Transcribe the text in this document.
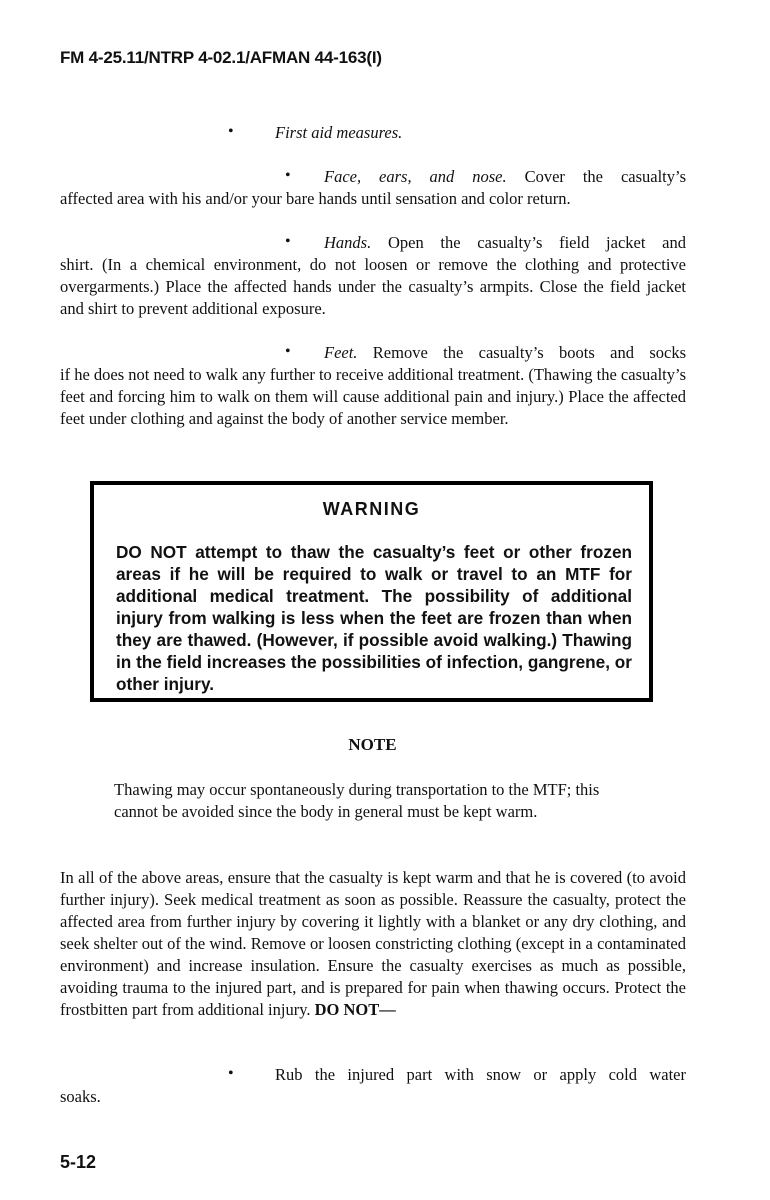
FM 4-25.11/NTRP 4-02.1/AFMAN 44-163(I)
•	First aid measures.
• Face, ears, and nose. Cover the casualty’s
affected area with his and/or your bare hands until sensation and color return.
• Hands. Open the casualty’s field jacket and
shirt. (In a chemical environment, do not loosen or remove the clothing and protective overgarments.) Place the affected hands under the casualty’s armpits. Close the field jacket and shirt to prevent additional exposure.
• Feet. Remove the casualty’s boots and socks
if he does not need to walk any further to receive additional treatment. (Thawing the casualty’s feet and forcing him to walk on them will cause additional pain and injury.) Place the affected feet under clothing and against the body of another service member.
WARNING
DO NOT attempt to thaw the casualty’s feet or other frozen areas if he will be required to walk or travel to an MTF for additional medical treatment. The possibility of additional injury from walking is less when the feet are frozen than when they are thawed. (However, if possible avoid walking.) Thawing in the field increases the possibilities of infection, gangrene, or other injury.
NOTE
Thawing may occur spontaneously during transportation to the MTF; this cannot be avoided since the body in general must be kept warm.
In all of the above areas, ensure that the casualty is kept warm and that he is covered (to avoid further injury). Seek medical treatment as soon as possible. Reassure the casualty, protect the affected area from further injury by covering it lightly with a blanket or any dry clothing, and seek shelter out of the wind. Remove or loosen constricting clothing (except in a contaminated environment) and increase insulation. Ensure the casualty exercises as much as possible, avoiding trauma to the injured part, and is prepared for pain when thawing occurs. Protect the frostbitten part from additional injury. DO NOT—
•	Rub the injured part with snow or apply cold water
soaks.
5-12
